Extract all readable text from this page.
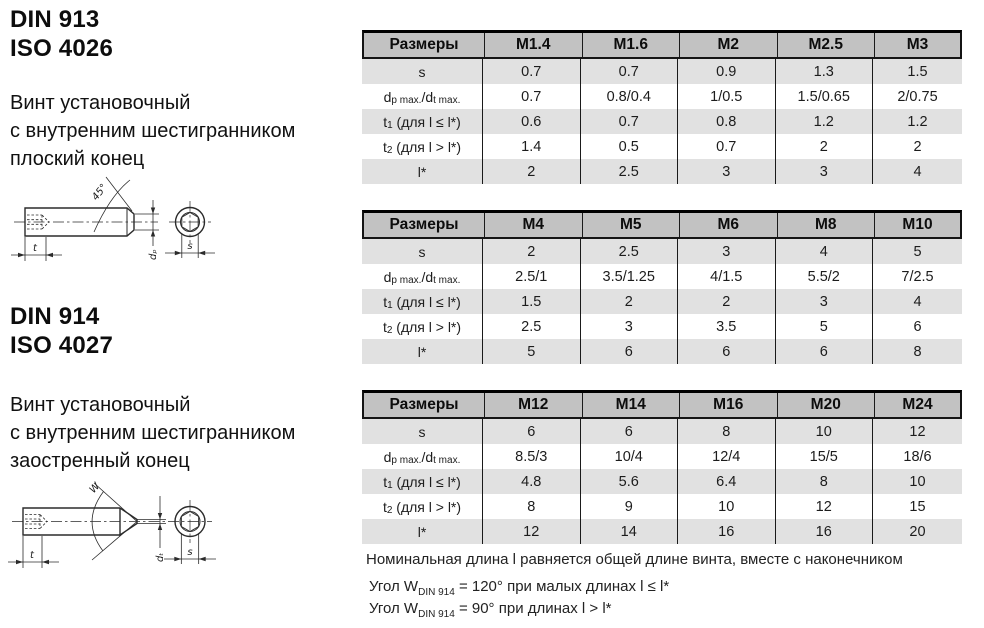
DIN 913
ISO 4026
Винт установочный
с внутренним шестигранником
плоский конец
45°
dₚ
s
t
DIN 914
ISO 4027
Винт установочный
с внутренним шестигранником
заостренный конец
W
dₜ s
t
Размеры	M1.4	M1.6	M2	M2.5	M3
s	0.7	0.7	0.9	1.3	1.5
d p max. /d t max.	0.7	0.8/0.4	1/0.5	1.5/0.65	2/0.75
t 1 (для l ≤ l*)	0.6	0.7	0.8	1.2	1.2
t 2 (для l > l*)	1.4	0.5	0.7	2	2
l*	2	2.5	3	3	4
Размеры	M4	M5	M6	M8	M10
s	2	2.5	3	4	5
d p max. /d t max.	2.5/1	3.5/1.25	4/1.5	5.5/2	7/2.5
t 1 (для l ≤ l*)	1.5	2	2	3	4
t 2 (для l > l*)	2.5	3	3.5	5	6
l*	5	6	6	6	8
Размеры	M12	M14	M16	M20	M24
s	6	6	8	10	12
d p max. /d t max.	8.5/3	10/4	12/4	15/5	18/6
t 1 (для l ≤ l*)	4.8	5.6	6.4	8	10
t 2 (для l > l*)	8	9	10	12	15
l*	12	14	16	16	20
Номинальная длина l равняется общей длине винта, вместе с наконечником
Угол $W_{DIN 914} = 120^\circ$ при малых длинах l ≤ l*
Угол $W_{DIN 914} = 90^\circ$ при длинах l > l*
